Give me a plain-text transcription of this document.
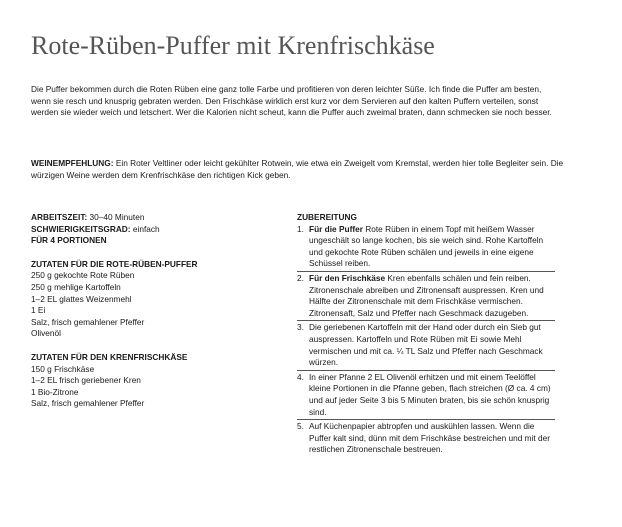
Rote-Rüben-Puffer mit Krenfrischkäse

Die Puffer bekommen durch die Roten Rüben eine ganz tolle Farbe und profitieren von deren leichter Süße. Ich finde die Puffer am besten, wenn sie resch und knusprig gebraten werden. Den Frischkäse wirklich erst kurz vor dem Servieren auf den kalten Puffern verteilen, sonst werden sie wieder weich und letschert. Wer die Kalorien nicht scheut, kann die Puffer auch zweimal braten, dann schmecken sie noch besser.

WEINEMPFEHLUNG: Ein Roter Veltliner oder leicht gekühlter Rotwein, wie etwa ein Zweigelt vom Kremstal, werden hier tolle Begleiter sein. Die würzigen Weine werden dem Krenfrischkäse den richtigen Kick geben.

ARBEITSZEIT: 30–40 Minuten
SCHWIERIGKEITSGRAD: einfach
FÜR 4 PORTIONEN
ZUTATEN FÜR DIE ROTE-RÜBEN-PUFFER
250 g gekochte Rote Rüben
250 g mehlige Kartoffeln
1–2 EL glattes Weizenmehl
1 Ei
Salz, frisch gemahlener Pfeffer
Olivenöl
ZUTATEN FÜR DEN KRENFRISCHKÄSE
150 g Frischkäse
1–2 EL frisch geriebener Kren
1 Bio-Zitrone
Salz, frisch gemahlener Pfeffer
ZUBEREITUNG
1. Für die Puffer Rote Rüben in einem Topf mit heißem Wasser ungeschält so lange kochen, bis sie weich sind. Rohe Kartoffeln und gekochte Rote Rüben schälen und jeweils in eine eigene Schüssel reiben.
2. Für den Frischkäse Kren ebenfalls schälen und fein reiben. Zitronenschale abreiben und Zitronensaft auspressen. Kren und Hälfte der Zitronenschale mit dem Frischkäse vermischen. Zitronensaft, Salz und Pfeffer nach Geschmack dazugeben.
3. Die geriebenen Kartoffeln mit der Hand oder durch ein Sieb gut auspressen. Kartoffeln und Rote Rüben mit Ei sowie Mehl vermischen und mit ca. ¼ TL Salz und Pfeffer nach Geschmack würzen.
4. In einer Pfanne 2 EL Olivenöl erhitzen und mit einem Teelöffel kleine Portionen in die Pfanne geben, flach streichen (Ø ca. 4 cm) und auf jeder Seite 3 bis 5 Minuten braten, bis sie schön knusprig sind.
5. Auf Küchenpapier abtropfen und auskühlen lassen. Wenn die Puffer kalt sind, dünn mit dem Frischkäse bestreichen und mit der restlichen Zitronenschale bestreuen.
